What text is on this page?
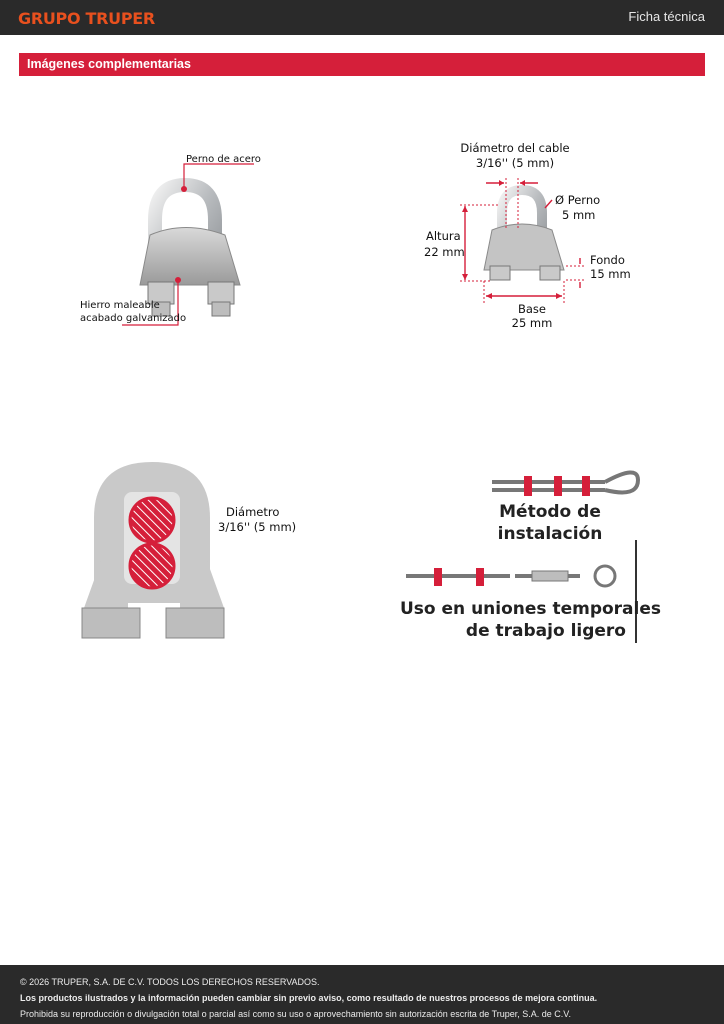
GRUPO TRUPER	Ficha técnica
Imágenes complementarias
Perno de acero
Hierro maleable
acabado galvanizado
Diámetro del cable
3/16'' (5 mm)
Ø Perno
5 mm
Altura
22 mm
Fondo
15 mm
Base
25 mm
Diámetro
3/16'' (5 mm)
Método de
instalación
Uso en uniones temporales
de trabajo ligero

© 2026 TRUPER, S.A. DE C.V. TODOS LOS DERECHOS RESERVADOS.

Los productos ilustrados y la información pueden cambiar sin previo aviso, como resultado de nuestros procesos de mejora continua.

Prohibida su reproducción o divulgación total o parcial así como su uso o aprovechamiento sin autorización escrita de Truper, S.A. de C.V.
